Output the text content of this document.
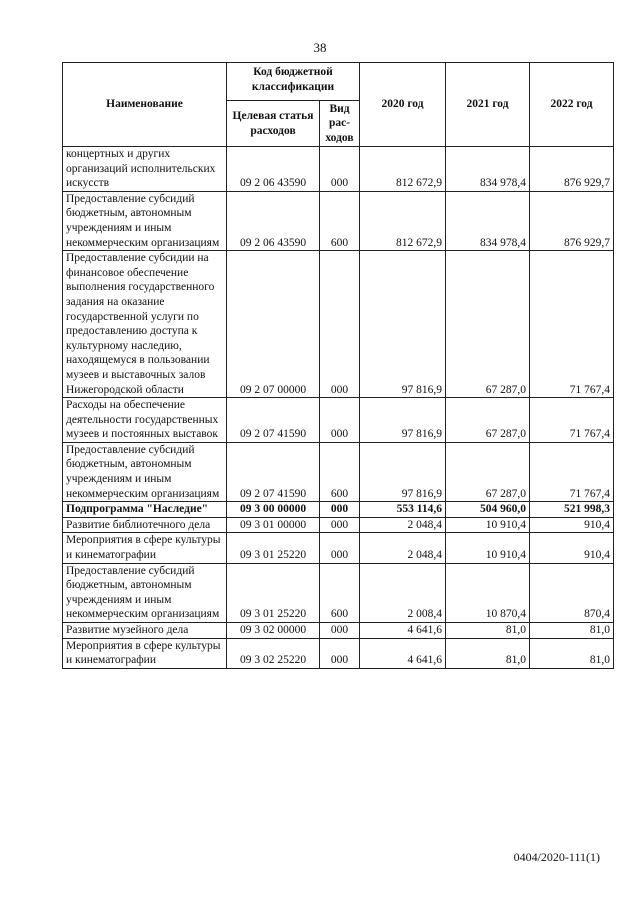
38
Наименование	Код бюджетной классификации		2020 год	2021 год	2022 год
	Целевая статья расходов	Вид рас-ходов			
концертных и других организаций исполнительских искусств	09 2 06 43590	000	812 672,9	834 978,4	876 929,7
Предоставление субсидий бюджетным, автономным учреждениям и иным некоммерческим организациям	09 2 06 43590	600	812 672,9	834 978,4	876 929,7
Предоставление субсидии на финансовое обеспечение выполнения государственного задания на оказание государственной услуги по предоставлению доступа к культурному наследию, находящемуся в пользовании музеев и выставочных залов Нижегородской области	09 2 07 00000	000	97 816,9	67 287,0	71 767,4
Расходы на обеспечение деятельности государственных музеев и постоянных выставок	09 2 07 41590	000	97 816,9	67 287,0	71 767,4
Предоставление субсидий бюджетным, автономным учреждениям и иным некоммерческим организациям	09 2 07 41590	600	97 816,9	67 287,0	71 767,4
Подпрограмма "Наследие"	09 3 00 00000	000	553 114,6	504 960,0	521 998,3
Развитие библиотечного дела	09 3 01 00000	000	2 048,4	10 910,4	910,4
Мероприятия в сфере культуры и кинематографии	09 3 01 25220	000	2 048,4	10 910,4	910,4
Предоставление субсидий бюджетным, автономным учреждениям и иным некоммерческим организациям	09 3 01 25220	600	2 008,4	10 870,4	870,4
Развитие музейного дела	09 3 02 00000	000	4 641,6	81,0	81,0
Мероприятия в сфере культуры и кинематографии	09 3 02 25220	000	4 641,6	81,0	81,0
0404/2020-111(1)
